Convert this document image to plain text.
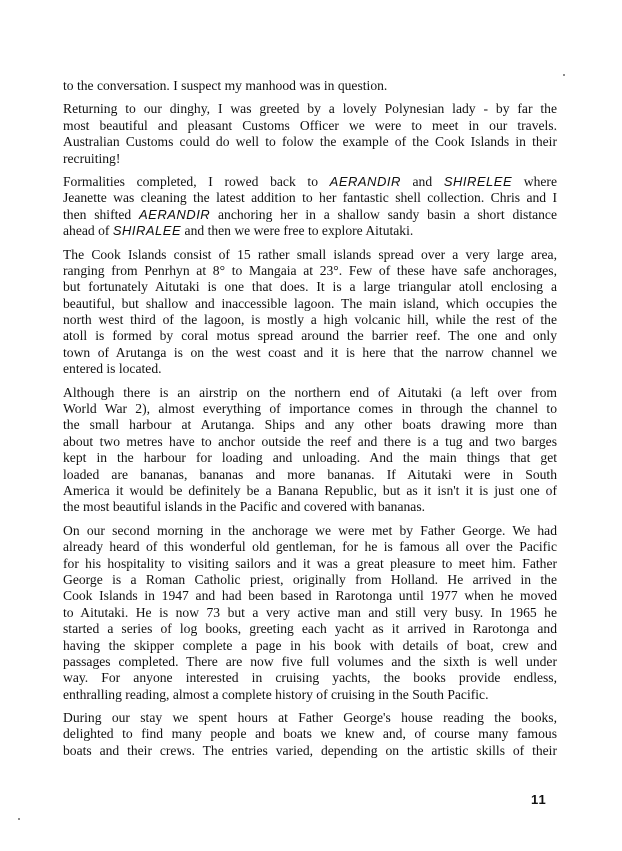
to the conversation. I suspect my manhood was in question.
Returning to our dinghy, I was greeted by a lovely Polynesian lady - by far the
most beautiful and pleasant Customs Officer we were to meet in our travels.
Australian Customs could do well to folow the example of the Cook Islands in their
recruiting!
Formalities completed, I rowed back to AERANDIR and SHIRELEE where
Jeanette was cleaning the latest addition to her fantastic shell collection. Chris and I
then shifted AERANDIR anchoring her in a shallow sandy basin a short distance
ahead of SHIRALEE and then we were free to explore Aitutaki.
The Cook Islands consist of 15 rather small islands spread over a very large area,
ranging from Penrhyn at 8° to Mangaia at 23°. Few of these have safe anchorages,
but fortunately Aitutaki is one that does. It is a large triangular atoll enclosing a
beautiful, but shallow and inaccessible lagoon. The main island, which occupies the
north west third of the lagoon, is mostly a high volcanic hill, while the rest of the
atoll is formed by coral motus spread around the barrier reef. The one and only
town of Arutanga is on the west coast and it is here that the narrow channel we
entered is located.
Although there is an airstrip on the northern end of Aitutaki (a left over from
World War 2), almost everything of importance comes in through the channel to
the small harbour at Arutanga. Ships and any other boats drawing more than
about two metres have to anchor outside the reef and there is a tug and two barges
kept in the harbour for loading and unloading. And the main things that get
loaded are bananas, bananas and more bananas. If Aitutaki were in South
America it would be definitely be a Banana Republic, but as it isn't it is just one of
the most beautiful islands in the Pacific and covered with bananas.
On our second morning in the anchorage we were met by Father George. We had
already heard of this wonderful old gentleman, for he is famous all over the Pacific
for his hospitality to visiting sailors and it was a great pleasure to meet him. Father
George is a Roman Catholic priest, originally from Holland. He arrived in the
Cook Islands in 1947 and had been based in Rarotonga until 1977 when he moved
to Aitutaki. He is now 73 but a very active man and still very busy. In 1965 he
started a series of log books, greeting each yacht as it arrived in Rarotonga and
having the skipper complete a page in his book with details of boat, crew and
passages completed. There are now five full volumes and the sixth is well under
way. For anyone interested in cruising yachts, the books provide endless,
enthralling reading, almost a complete history of cruising in the South Pacific.
During our stay we spent hours at Father George's house reading the books,
delighted to find many people and boats we knew and, of course many famous
boats and their crews. The entries varied, depending on the artistic skills of their
11
